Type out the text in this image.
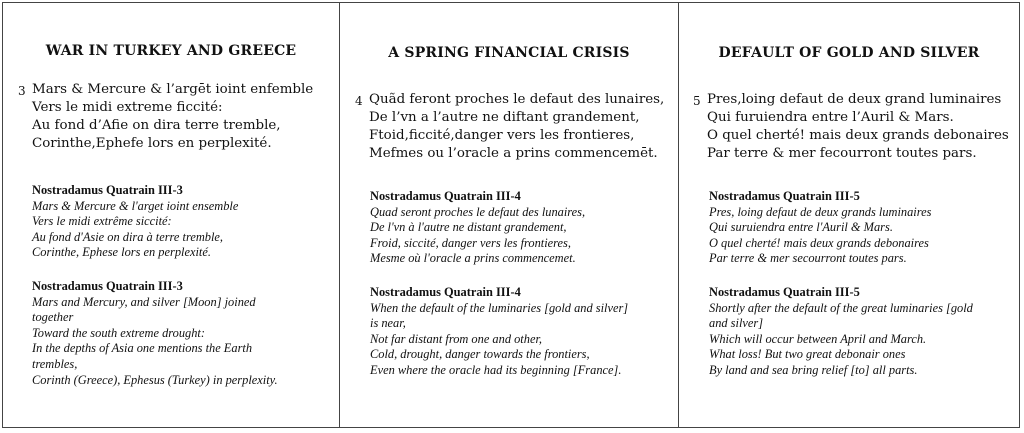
WAR IN TURKEY AND GREECE
3 Mars & Mercure & l’argēt ioint enfemble
Vers le midi extreme ficcité:
Au fond d’Afie on dira terre tremble,
Corinthe,Ephefe lors en perplexité.
Nostradamus Quatrain III-3
Mars & Mercure & l'arget ioint ensemble
Vers le midi extrême siccité:
Au fond d'Asie on dira à terre tremble,
Corinthe, Ephese lors en perplexité.
Nostradamus Quatrain III-3
Mars and Mercury, and silver [Moon] joined
together
Toward the south extreme drought:
In the depths of Asia one mentions the Earth
trembles,
Corinth (Greece), Ephesus (Turkey) in perplexity.
A SPRING FINANCIAL CRISIS
4 Quãd feront proches le defaut des lunaires,
De l’vn a l’autre ne diftant grandement,
Ftoid,ficcité,danger vers les frontieres,
Mefmes ou l’oracle a prins commencemēt.
Nostradamus Quatrain III-4
Quad seront proches le defaut des lunaires,
De l'vn à l'autre ne distant grandement,
Froid, siccité, danger vers les frontieres,
Mesme où l'oracle a prins commencemet.
Nostradamus Quatrain III-4
When the default of the luminaries [gold and silver]
is near,
Not far distant from one and other,
Cold, drought, danger towards the frontiers,
Even where the oracle had its beginning [France].
DEFAULT OF GOLD AND SILVER
5 Pres,loing defaut de deux grand luminaires
Qui furuiendra entre l’Auril & Mars.
O quel cherté! mais deux grands debonaires
Par terre & mer fecourront toutes pars.
Nostradamus Quatrain III-5
Pres, loing defaut de deux grands luminaires
Qui suruiendra entre l'Auril & Mars.
O quel cherté! mais deux grands debonaires
Par terre & mer secourront toutes pars.
Nostradamus Quatrain III-5
Shortly after the default of the great luminaries [gold
and silver]
Which will occur between April and March.
What loss! But two great debonair ones
By land and sea bring relief [to] all parts.
